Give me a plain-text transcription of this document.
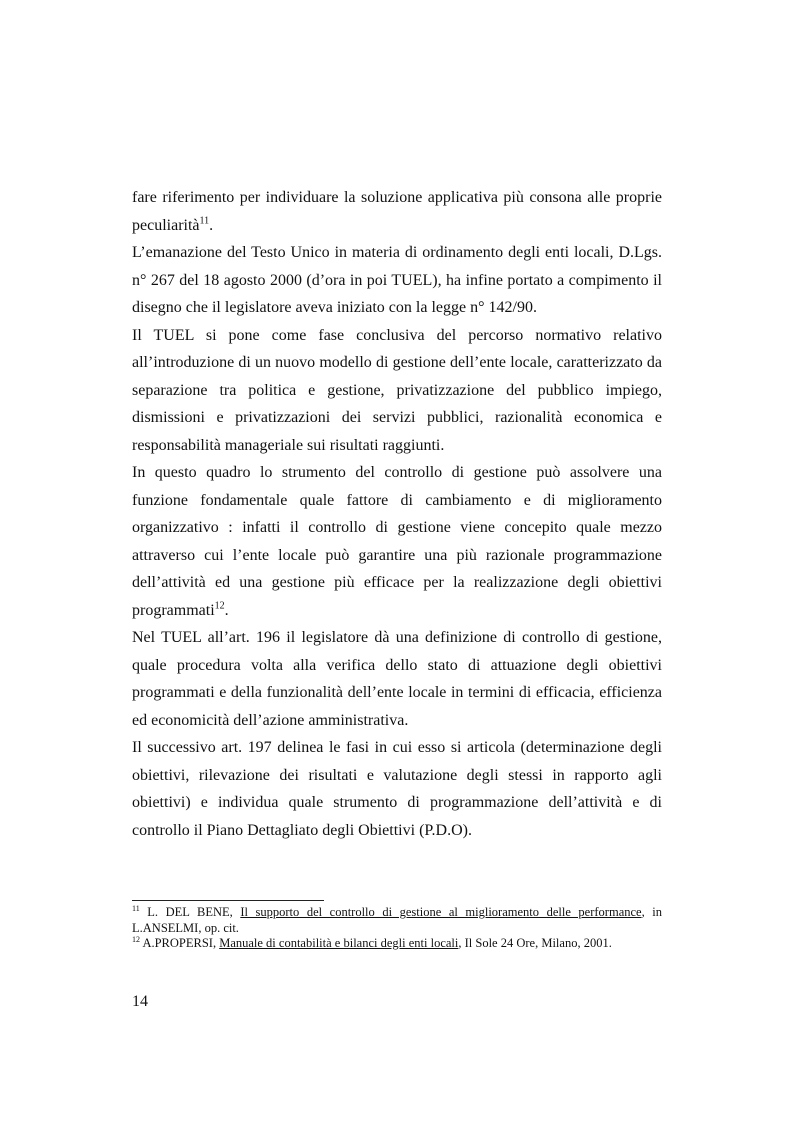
fare riferimento per individuare la soluzione applicativa più consona alle proprie
peculiarità$^{11}$.
L’emanazione del Testo Unico in materia di ordinamento degli enti locali, D.Lgs.
n° 267 del 18 agosto 2000 (d’ora in poi TUEL), ha infine portato a compimento il
disegno che il legislatore aveva iniziato con la legge n° 142/90.
Il TUEL si pone come fase conclusiva del percorso normativo relativo
all’introduzione di un nuovo modello di gestione dell’ente locale, caratterizzato da
separazione tra politica e gestione, privatizzazione del pubblico impiego,
dismissioni e privatizzazioni dei servizi pubblici, razionalità economica e
responsabilità manageriale sui risultati raggiunti.
In questo quadro lo strumento del controllo di gestione può assolvere una
funzione fondamentale quale fattore di cambiamento e di miglioramento
organizzativo : infatti il controllo di gestione viene concepito quale mezzo
attraverso cui l’ente locale può garantire una più razionale programmazione
dell’attività ed una gestione più efficace per la realizzazione degli obiettivi
programmati$^{12}$.
Nel TUEL all’art. 196 il legislatore dà una definizione di controllo di gestione,
quale procedura volta alla verifica dello stato di attuazione degli obiettivi
programmati e della funzionalità dell’ente locale in termini di efficacia, efficienza
ed economicità dell’azione amministrativa.
Il successivo art. 197 delinea le fasi in cui esso si articola (determinazione degli
obiettivi, rilevazione dei risultati e valutazione degli stessi in rapporto agli
obiettivi) e individua quale strumento di programmazione dell’attività e di
controllo il Piano Dettagliato degli Obiettivi (P.D.O).
$^{11}$ L. DEL BENE, Il supporto del controllo di gestione al miglioramento delle performance, in
L.ANSELMI, op. cit.
$^{12}$ A.PROPERSI, Manuale di contabilità e bilanci degli enti locali, Il Sole 24 Ore, Milano, 2001.
14
